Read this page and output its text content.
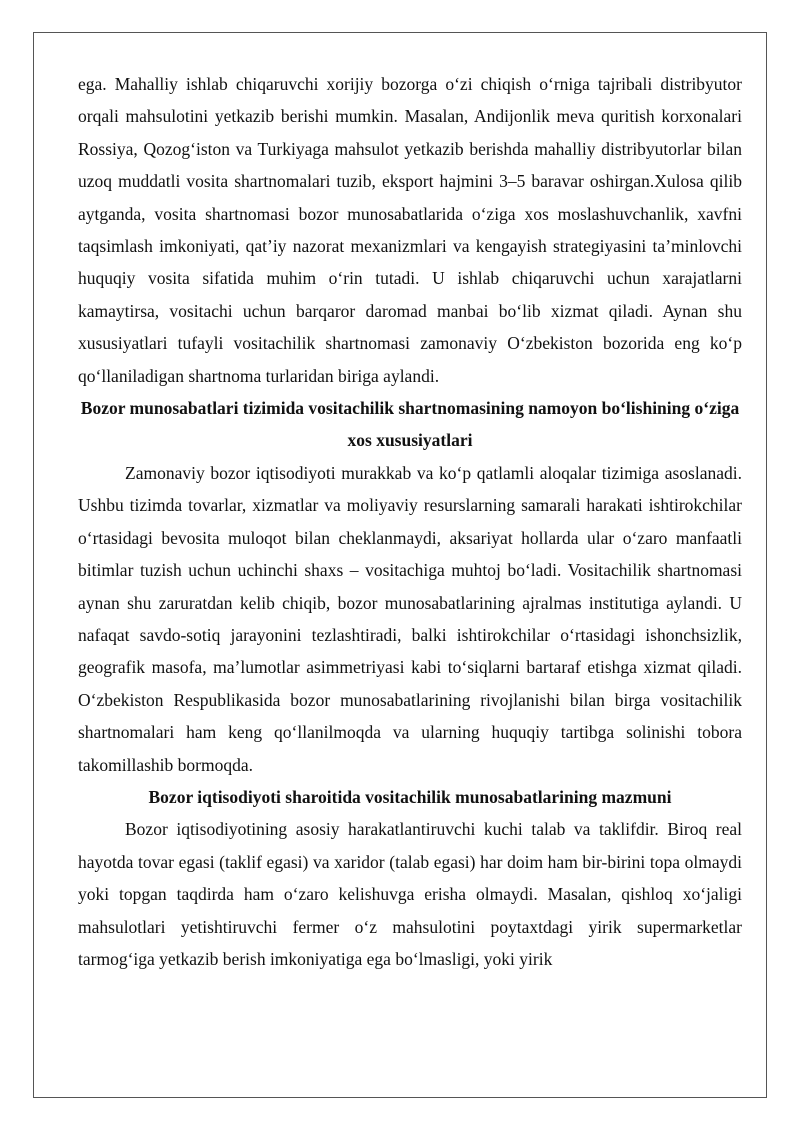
ega. Mahalliy ishlab chiqaruvchi xorijiy bozorga o‘zi chiqish o‘rniga tajribali distribyutor orqali mahsulotini yetkazib berishi mumkin. Masalan, Andijonlik meva quritish korxonalari Rossiya, Qozog‘iston va Turkiyaga mahsulot yetkazib berishda mahalliy distribyutorlar bilan uzoq muddatli vosita shartnomalari tuzib, eksport hajmini 3–5 baravar oshirgan.Xulosa qilib aytganda, vosita shartnomasi bozor munosabatlarida o‘ziga xos moslashuvchanlik, xavfni taqsimlash imkoniyati, qat’iy nazorat mexanizmlari va kengayish strategiyasini ta’minlovchi huquqiy vosita sifatida muhim o‘rin tutadi. U ishlab chiqaruvchi uchun xarajatlarni kamaytirsa, vositachi uchun barqaror daromad manbai bo‘lib xizmat qiladi. Aynan shu xususiyatlari tufayli vositachilik shartnomasi zamonaviy O‘zbekiston bozorida eng ko‘p qo‘llaniladigan shartnoma turlaridan biriga aylandi.

Bozor munosabatlari tizimida vositachilik shartnomasining namoyon bo‘lishining o‘ziga xos xususiyatlari

Zamonaviy bozor iqtisodiyoti murakkab va ko‘p qatlamli aloqalar tizimiga asoslanadi. Ushbu tizimda tovarlar, xizmatlar va moliyaviy resurslarning samarali harakati ishtirokchilar o‘rtasidagi bevosita muloqot bilan cheklanmaydi, aksariyat hollarda ular o‘zaro manfaatli bitimlar tuzish uchun uchinchi shaxs – vositachiga muhtoj bo‘ladi. Vositachilik shartnomasi aynan shu zaruratdan kelib chiqib, bozor munosabatlarining ajralmas institutiga aylandi. U nafaqat savdo-sotiq jarayonini tezlashtiradi, balki ishtirokchilar o‘rtasidagi ishonchsizlik, geografik masofa, ma’lumotlar asimmetriyasi kabi to‘siqlarni bartaraf etishga xizmat qiladi. O‘zbekiston Respublikasida bozor munosabatlarining rivojlanishi bilan birga vositachilik shartnomalari ham keng qo‘llanilmoqda va ularning huquqiy tartibga solinishi tobora takomillashib bormoqda.

Bozor iqtisodiyoti sharoitida vositachilik munosabatlarining mazmuni

Bozor iqtisodiyotining asosiy harakatlantiruvchi kuchi talab va taklifdir. Biroq real hayotda tovar egasi (taklif egasi) va xaridor (talab egasi) har doim ham bir-birini topa olmaydi yoki topgan taqdirda ham o‘zaro kelishuvga erisha olmaydi. Masalan, qishloq xo‘jaligi mahsulotlari yetishtiruvchi fermer o‘z mahsulotini poytaxtdagi yirik supermarketlar tarmog‘iga yetkazib berish imkoniyatiga ega bo‘lmasligi, yoki yirik
